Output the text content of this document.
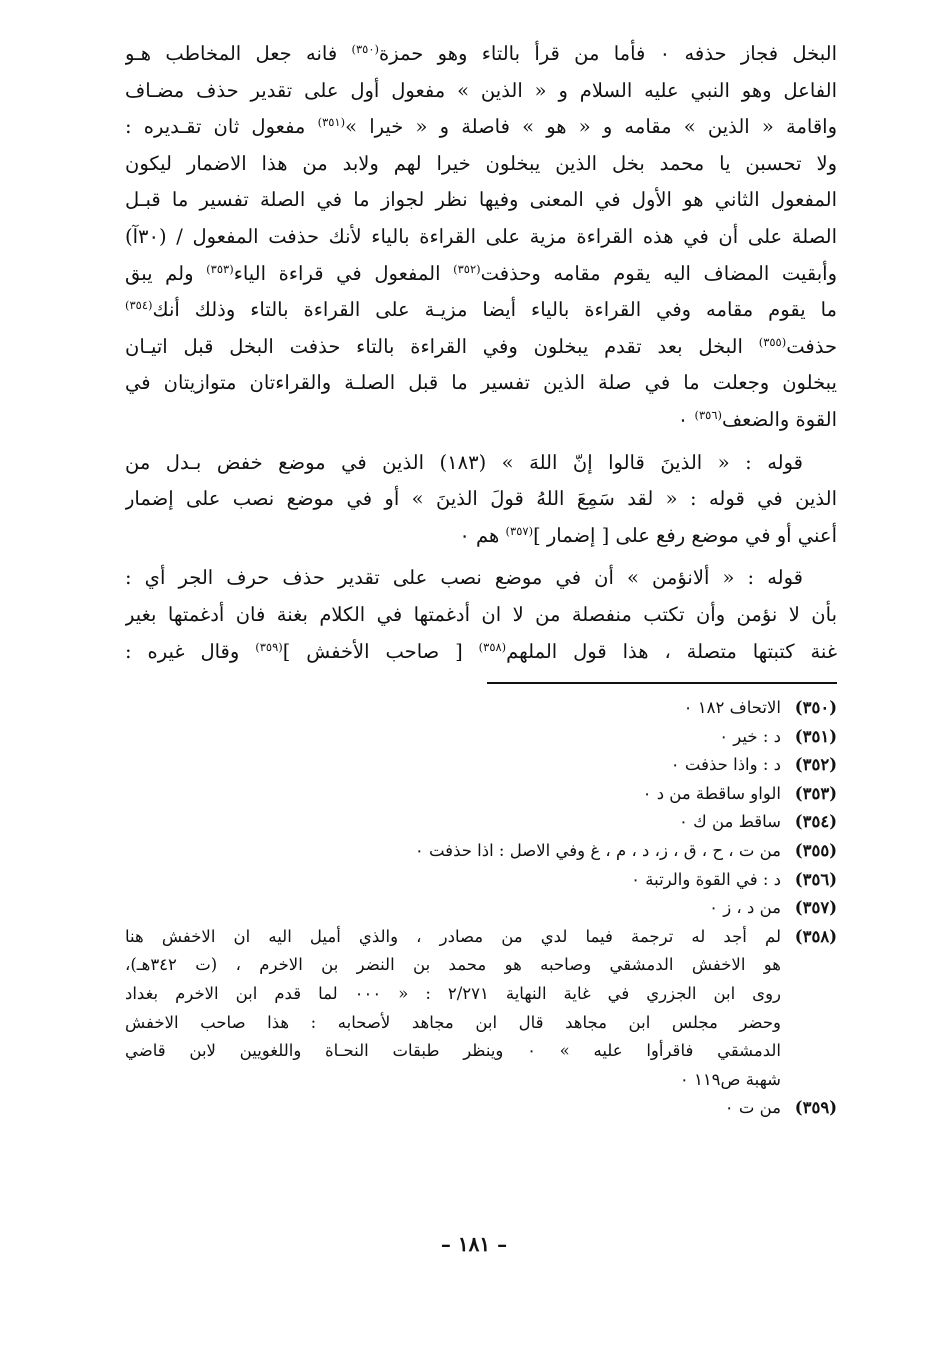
البخل فجاز حذفه ٠ فأما من قرأ بالتاء وهو حمزة$^{(٣٥٠)}$ فانه جعل المخاطب هـو
الفاعل وهو النبي عليه السلام و « الذين » مفعول أول على تقدير حذف مضـاف
واقامة « الذين » مقامه و « هو » فاصلة و « خيرا »$^{(٣٥١)}$ مفعول ثان تقـديره :
ولا تحسبن يا محمد بخل الذين يبخلون خيرا لهم ولابد من هذا الاضمار ليكون
المفعول الثاني هو الأول في المعنى وفيها نظر لجواز ما في الصلة تفسير ما قبـل
الصلة على أن في هذه القراءة مزية على القراءة بالياء لأنك حذفت المفعول / (٣٠آ)
وأبقيت المضاف اليه يقوم مقامه وحذفت$^{(٣٥٢)}$ المفعول في قراءة الياء$^{(٣٥٣)}$ ولم يبق
ما يقوم مقامه وفي القراءة بالياء أيضا مزيـة على القراءة بالتاء وذلك أنك$^{(٣٥٤)}$
حذفت$^{(٣٥٥)}$ البخل بعد تقدم يبخلون وفي القراءة بالتاء حذفت البخل قبل اتيـان
يبخلون وجعلت ما في صلة الذين تفسير ما قبل الصلـة والقراءتان متوازيتان في
القوة والضعف$^{(٣٥٦)}$ ٠
قوله : « الذينَ قالوا إنّ اللهَ » (١٨٣) الذين في موضع خفض بـدل من
الذين في قوله : « لقد سَمِعَ اللهُ قولَ الذينَ » أو في موضع نصب على إضمار
أعني أو في موضع رفع على [ إضمار ]$^{(٣٥٧)}$ هم ٠
قوله : « ألانؤمن » أن في موضع نصب على تقدير حذف حرف الجر أي :
بأن لا نؤمن وأن تكتب منفصلة من لا ان أدغمتها في الكلام بغنة فان أدغمتها بغير
غنة كتبتها متصلة ، هذا قول الملهم$^{(٣٥٨)}$ [ صاحب الأخفش ]$^{(٣٥٩)}$ وقال غيره :
(٣٥٠)
الاتحاف ١٨٢ ٠
(٣٥١)
د : خير ٠
(٣٥٢)
د : واذا حذفت ٠
(٣٥٣)
الواو ساقطة من د ٠
(٣٥٤)
ساقط من ك ٠
(٣٥٥)
من ت ، ح ، ق ، ز، د ، م ، غ وفي الاصل : اذا حذفت ٠
(٣٥٦)
د : في القوة والرتبة ٠
(٣٥٧)
من د ، ز ٠
(٣٥٨)
لم أجد له ترجمة فيما لدي من مصادر ، والذي أميل اليه ان الاخفش هنا
هو الاخفش الدمشقي وصاحبه هو محمد بن النضر بن الاخرم ، (ت ٣٤٢هـ)،
روى ابن الجزري في غاية النهاية ٢/٢٧١ : « ٠٠٠ لما قدم ابن الاخرم بغداد
وحضر مجلس ابن مجاهد قال ابن مجاهد لأصحابه : هذا صاحب الاخفش
الدمشقي فاقرأوا عليه » ٠ وينظر طبقات النحـاة واللغويين لابن قاضي
شهبة ص١١٩ ٠
(٣٥٩)
من ت ٠
– ١٨١ –
